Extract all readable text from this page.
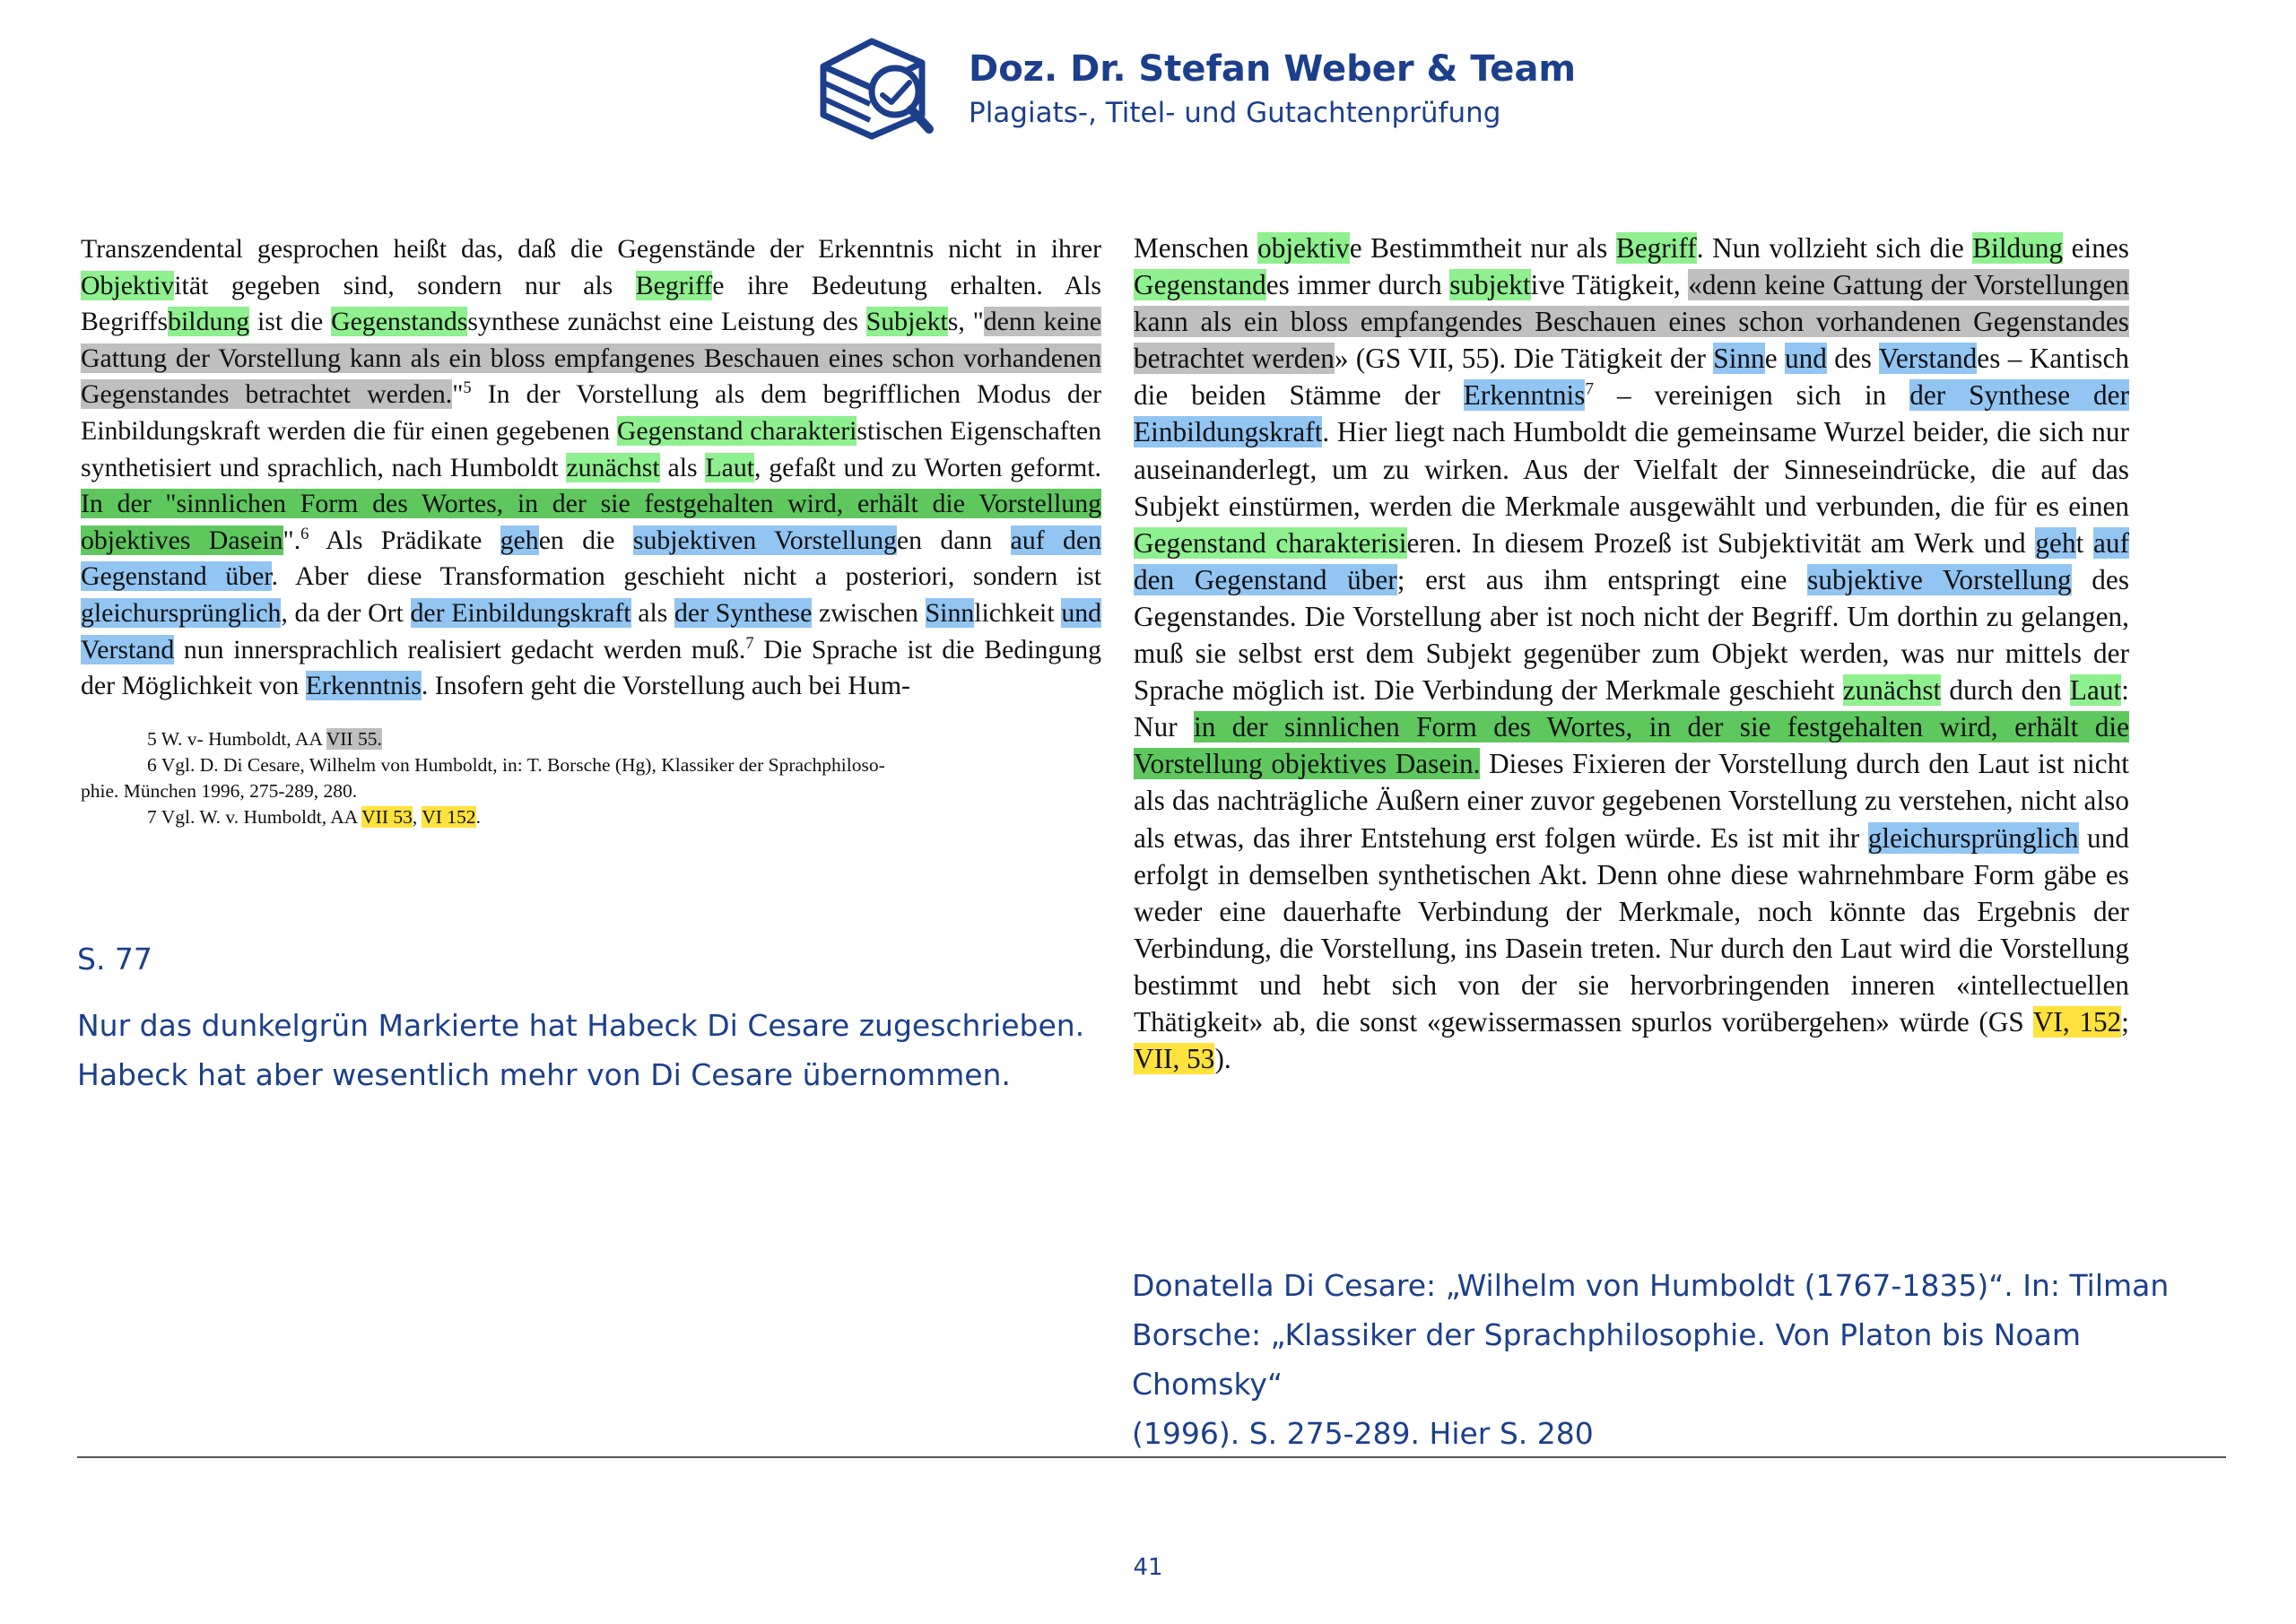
Doz. Dr. Stefan Weber & Team
Plagiats-, Titel- und Gutachtenprüfung

Transzendental gesprochen heißt das, daß die Gegenstände der Erkenntnis nicht in ihrer Objektivität gegeben sind, sondern nur als Begriffe ihre Bedeutung erhalten. Als Begriffsbildung ist die Gegenstandssynthese zunächst eine Leistung des Subjekts, "denn keine Gattung der Vorstellung kann als ein bloss empfangenes Beschauen eines schon vorhandenen Gegenstandes betrachtet werden."$^5$ In der Vorstellung als dem begrifflichen Modus der Einbildungskraft werden die für einen gegebenen Gegenstand charakteristischen Eigenschaften synthetisiert und sprachlich, nach Humboldt zunächst als Laut, gefaßt und zu Worten geformt. In der "sinnlichen Form des Wortes, in der sie festgehalten wird, erhält die Vorstellung objektives Dasein".$^6$ Als Prädikate gehen die subjektiven Vorstellungen dann auf den Gegenstand über. Aber diese Transformation geschieht nicht a posteriori, sondern ist gleichursprünglich, da der Ort der Einbildungskraft als der Synthese zwischen Sinnlichkeit und Verstand nun innersprachlich realisiert gedacht werden muß.$^7$ Die Sprache ist die Bedingung der Möglichkeit von Erkenntnis. Insofern geht die Vorstellung auch bei Hum-

5 W. v- Humboldt, AA VII 55.
6 Vgl. D. Di Cesare, Wilhelm von Humboldt, in: T. Borsche (Hg), Klassiker der Sprachphiloso-
phie. München 1996, 275-289, 280.
7 Vgl. W. v. Humboldt, AA VII 53, VI 152.

Menschen objektive Bestimmtheit nur als Begriff. Nun vollzieht sich die Bildung eines Gegenstandes immer durch subjektive Tätigkeit, «denn keine Gattung der Vorstellungen kann als ein bloss empfangendes Beschauen eines schon vorhandenen Gegenstandes betrachtet werden» (GS VII, 55). Die Tätigkeit der Sinne und des Verstandes – Kantisch die beiden Stämme der Erkenntnis$^7$ – vereinigen sich in der Synthese der Einbildungskraft. Hier liegt nach Humboldt die gemeinsame Wurzel beider, die sich nur auseinanderlegt, um zu wirken. Aus der Vielfalt der Sinneseindrücke, die auf das Subjekt einstürmen, werden die Merkmale ausgewählt und verbunden, die für es einen Gegenstand charakterisieren. In diesem Prozeß ist Subjektivität am Werk und geht auf den Gegenstand über; erst aus ihm entspringt eine subjektive Vorstellung des Gegenstandes. Die Vorstellung aber ist noch nicht der Begriff. Um dorthin zu gelangen, muß sie selbst erst dem Subjekt gegenüber zum Objekt werden, was nur mittels der Sprache möglich ist. Die Verbindung der Merkmale geschieht zunächst durch den Laut: Nur in der sinnlichen Form des Wortes, in der sie festgehalten wird, erhält die Vorstellung objektives Dasein. Dieses Fixieren der Vorstellung durch den Laut ist nicht als das nachträgliche Äußern einer zuvor gegebenen Vorstellung zu verstehen, nicht also als etwas, das ihrer Entstehung erst folgen würde. Es ist mit ihr gleichursprünglich und erfolgt in demselben synthetischen Akt. Denn ohne diese wahrnehmbare Form gäbe es weder eine dauerhafte Verbindung der Merkmale, noch könnte das Ergebnis der Verbindung, die Vorstellung, ins Dasein treten. Nur durch den Laut wird die Vorstellung bestimmt und hebt sich von der sie hervorbringenden inneren «intellectuellen Thätigkeit» ab, die sonst «gewissermassen spurlos vorübergehen» würde (GS VI, 152; VII, 53).

S. 77
Nur das dunkelgrün Markierte hat Habeck Di Cesare zugeschrieben.
Habeck hat aber wesentlich mehr von Di Cesare übernommen.
Donatella Di Cesare: „Wilhelm von Humboldt (1767-1835)“. In: Tilman
Borsche: „Klassiker der Sprachphilosophie. Von Platon bis Noam Chomsky“
(1996). S. 275-289. Hier S. 280
41
